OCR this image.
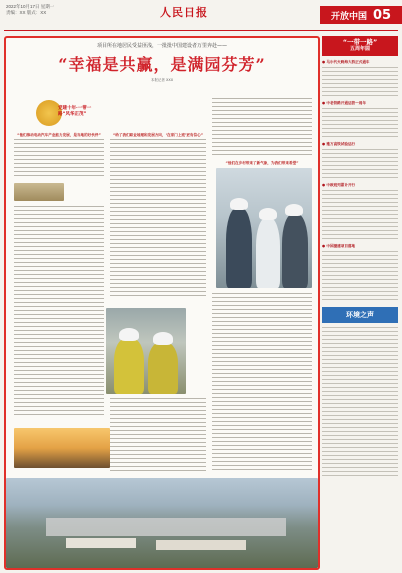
2022年10月17日 星期一
责编：XX 版式：XX	人民日报	开放中国 05
项目所在地居民受益匪浅，一批批中国建设者万里奔赴——
“幸福是共赢，是满园芬芳”
本报记者 XXX
党建十年·一带一路“风华正茂”
“他们推动电动汽车产业能力发展，是当地的好伙伴”	“给了我们职业地理和发展方向，‘在家门上班’更有信心”
“他们在乡村带来了新气象，为我们带来希望”
“一带一路”
五周年圆
● 马尔代夫跨海大桥正式通车
● 中老铁路开通运营一周年
● 雅万高铁试验运行
● 中欧班列累计开行
● 中国援建项目落地
环境之声
